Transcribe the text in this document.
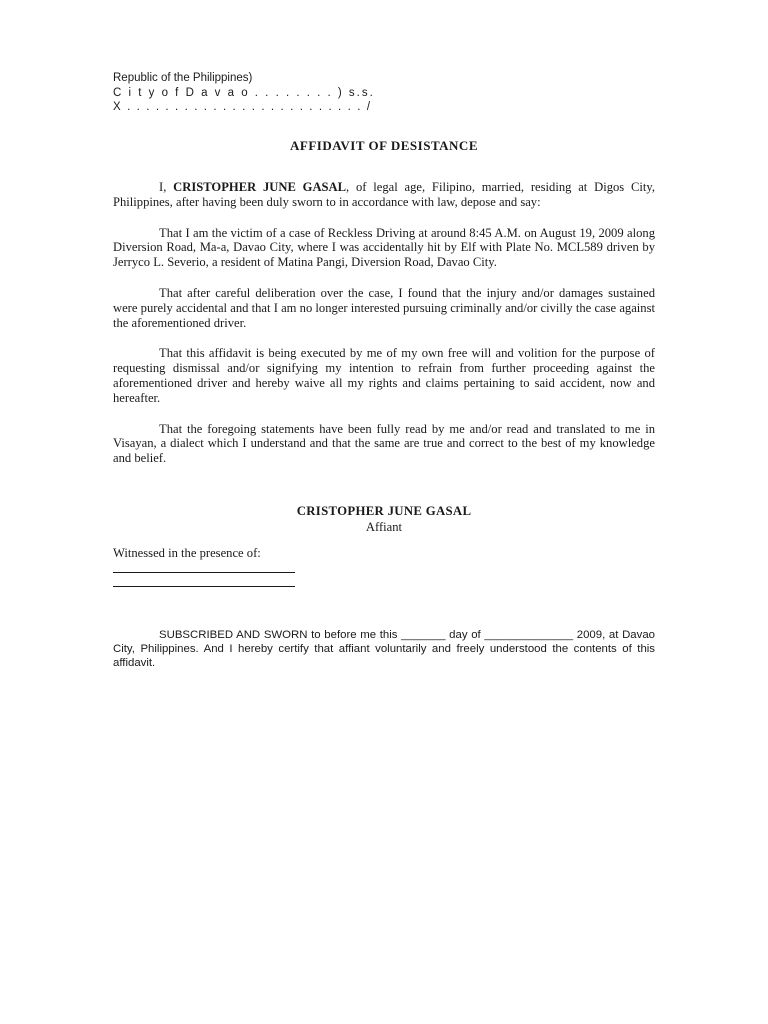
Republic of the Philippines)
C i t y o f D a v a o . . . . . . . . ) s.s.
X . . . . . . . . . . . . . . . . . . . . . . . . . /
AFFIDAVIT OF DESISTANCE

I, CRISTOPHER JUNE GASAL, of legal age, Filipino, married, residing at Digos City, Philippines, after having been duly sworn to in accordance with law, depose and say:

That I am the victim of a case of Reckless Driving at around 8:45 A.M. on August 19, 2009 along Diversion Road, Ma-a, Davao City, where I was accidentally hit by Elf with Plate No. MCL589 driven by Jerryco L. Severio, a resident of Matina Pangi, Diversion Road, Davao City.

That after careful deliberation over the case, I found that the injury and/or damages sustained were purely accidental and that I am no longer interested pursuing criminally and/or civilly the case against the aforementioned driver.

That this affidavit is being executed by me of my own free will and volition for the purpose of requesting dismissal and/or signifying my intention to refrain from further proceeding against the aforementioned driver and hereby waive all my rights and claims pertaining to said accident, now and hereafter.

That the foregoing statements have been fully read by me and/or read and translated to me in Visayan, a dialect which I understand and that the same are true and correct to the best of my knowledge and belief.

CRISTOPHER JUNE GASAL
Affiant
Witnessed in the presence of:

SUBSCRIBED AND SWORN to before me this _______ day of ______________ 2009, at Davao City, Philippines. And I hereby certify that affiant voluntarily and freely understood the contents of this affidavit.
